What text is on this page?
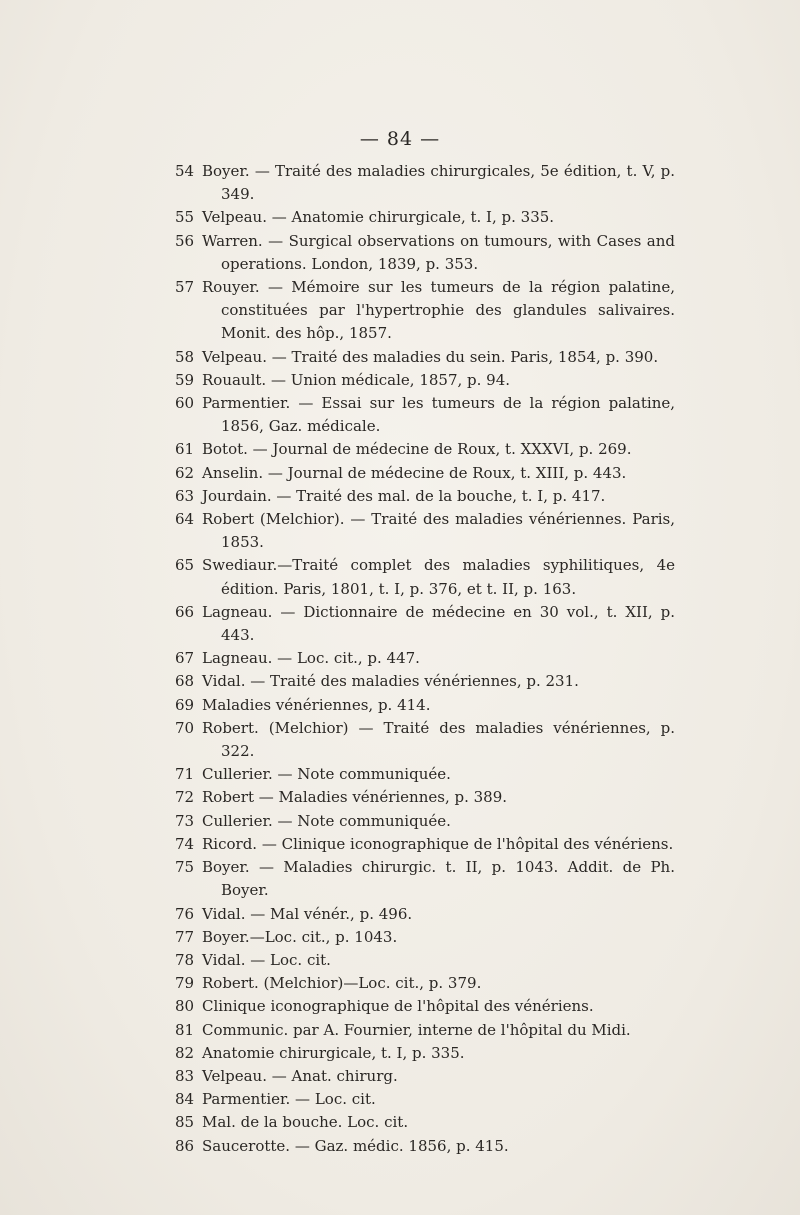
— 84 —
54 Boyer. — Traité des maladies chirurgicales, 5e édition, t. V, p. 349.
55 Velpeau. — Anatomie chirurgicale, t. I, p. 335.
56 Warren. — Surgical observations on tumours, with Cases and operations. London, 1839, p. 353.
57 Rouyer. — Mémoire sur les tumeurs de la région palatine, constituées par l'hypertrophie des glandules salivaires. Monit. des hôp., 1857.
58 Velpeau. — Traité des maladies du sein. Paris, 1854, p. 390.
59 Rouault. — Union médicale, 1857, p. 94.
60 Parmentier. — Essai sur les tumeurs de la région palatine, 1856, Gaz. médicale.
61 Botot. — Journal de médecine de Roux, t. XXXVI, p. 269.
62 Anselin. — Journal de médecine de Roux, t. XIII, p. 443.
63 Jourdain. — Traité des mal. de la bouche, t. I, p. 417.
64 Robert (Melchior). — Traité des maladies vénériennes. Paris, 1853.
65 Swediaur.—Traité complet des maladies syphilitiques, 4e édition. Paris, 1801, t. I, p. 376, et t. II, p. 163.
66 Lagneau. — Dictionnaire de médecine en 30 vol., t. XII, p. 443.
67 Lagneau. — Loc. cit., p. 447.
68 Vidal. — Traité des maladies vénériennes, p. 231.
69 Maladies vénériennes, p. 414.
70 Robert. (Melchior) — Traité des maladies vénériennes, p. 322.
71 Cullerier. — Note communiquée.
72 Robert — Maladies vénériennes, p. 389.
73 Cullerier. — Note communiquée.
74 Ricord. — Clinique iconographique de l'hôpital des vénériens.
75 Boyer. — Maladies chirurgic. t. II, p. 1043. Addit. de Ph. Boyer.
76 Vidal. — Mal vénér., p. 496.
77 Boyer.—Loc. cit., p. 1043.
78 Vidal. — Loc. cit.
79 Robert. (Melchior)—Loc. cit., p. 379.
80 Clinique iconographique de l'hôpital des vénériens.
81 Communic. par A. Fournier, interne de l'hôpital du Midi.
82 Anatomie chirurgicale, t. I, p. 335.
83 Velpeau. — Anat. chirurg.
84 Parmentier. — Loc. cit.
85 Mal. de la bouche. Loc. cit.
86 Saucerotte. — Gaz. médic. 1856, p. 415.
